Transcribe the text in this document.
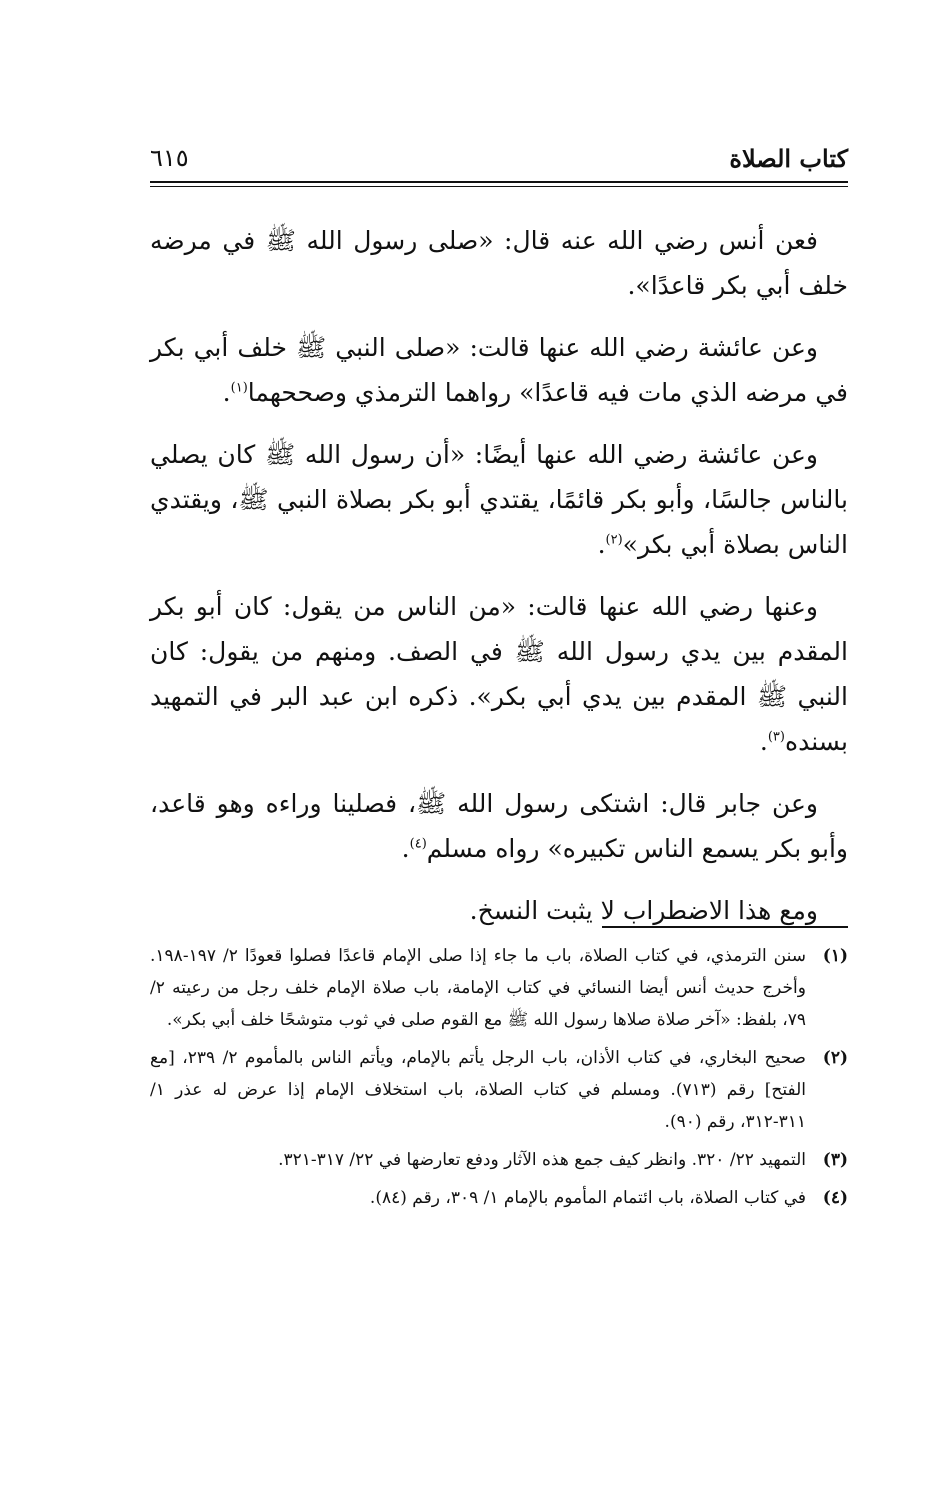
كتاب الصلاة
٦١٥

فعن أنس رضي الله عنه قال: «صلى رسول الله ﷺ في مرضه خلف أبي بكر قاعدًا».

وعن عائشة رضي الله عنها قالت: «صلى النبي ﷺ خلف أبي بكر في مرضه الذي مات فيه قاعدًا» رواهما الترمذي وصححهما$^{(١)}$.

وعن عائشة رضي الله عنها أيضًا: «أن رسول الله ﷺ كان يصلي بالناس جالسًا، وأبو بكر قائمًا، يقتدي أبو بكر بصلاة النبي ﷺ، ويقتدي الناس بصلاة أبي بكر»$^{(٢)}$.

وعنها رضي الله عنها قالت: «من الناس من يقول: كان أبو بكر المقدم بين يدي رسول الله ﷺ في الصف. ومنهم من يقول: كان النبي ﷺ المقدم بين يدي أبي بكر». ذكره ابن عبد البر في التمهيد بسنده$^{(٣)}$.

وعن جابر قال: اشتكى رسول الله ﷺ، فصلينا وراءه وهو قاعد، وأبو بكر يسمع الناس تكبيره» رواه مسلم$^{(٤)}$.

ومع هذا الاضطراب لا يثبت النسخ.

(١)
سنن الترمذي، في كتاب الصلاة، باب ما جاء إذا صلى الإمام قاعدًا فصلوا قعودًا ٢/ ١٩٧-١٩٨. وأخرج حديث أنس أيضا النسائي في كتاب الإمامة، باب صلاة الإمام خلف رجل من رعيته ٢/ ٧٩، بلفظ: «آخر صلاة صلاها رسول الله ﷺ مع القوم صلى في ثوب متوشحًا خلف أبي بكر».
(٢)
صحيح البخاري، في كتاب الأذان، باب الرجل يأتم بالإمام، ويأتم الناس بالمأموم ٢/ ٢٣٩، [مع الفتح] رقم (٧١٣). ومسلم في كتاب الصلاة، باب استخلاف الإمام إذا عرض له عذر ١/ ٣١١-٣١٢، رقم (٩٠).
(٣)
التمهيد ٢٢/ ٣٢٠. وانظر كيف جمع هذه الآثار ودفع تعارضها في ٢٢/ ٣١٧-٣٢١.
(٤)
في كتاب الصلاة، باب ائتمام المأموم بالإمام ١/ ٣٠٩، رقم (٨٤).
